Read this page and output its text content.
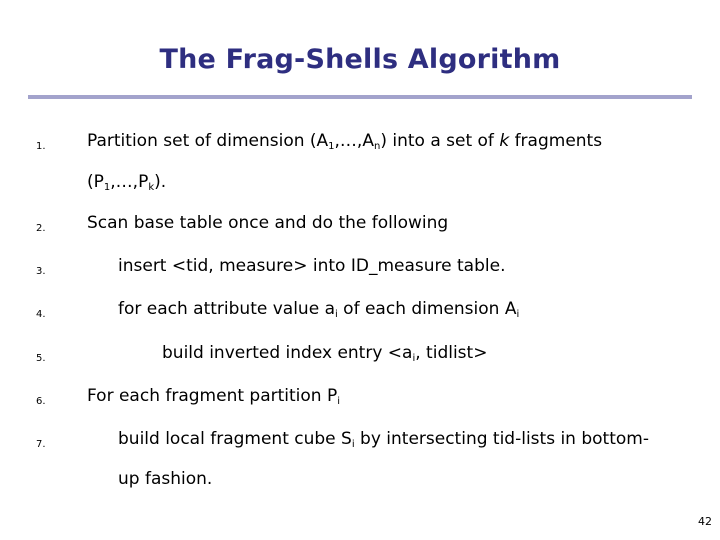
The Frag-Shells Algorithm
1. Partition set of dimension $(A_1,\dots,A_n)$ into a set of k fragments
$(P_1,\dots,P_k)$.
2. Scan base table once and do the following
3.	insert <tid, measure> into ID_measure table.
4.	for each attribute value $a_i$ of each dimension $A_i$
5.	build inverted index entry $<a_i$, tidlist>
6. For each fragment partition $P_i$
7.	build local fragment cube $S_i$ by intersecting tid-lists in bottom-
up fashion.
42
